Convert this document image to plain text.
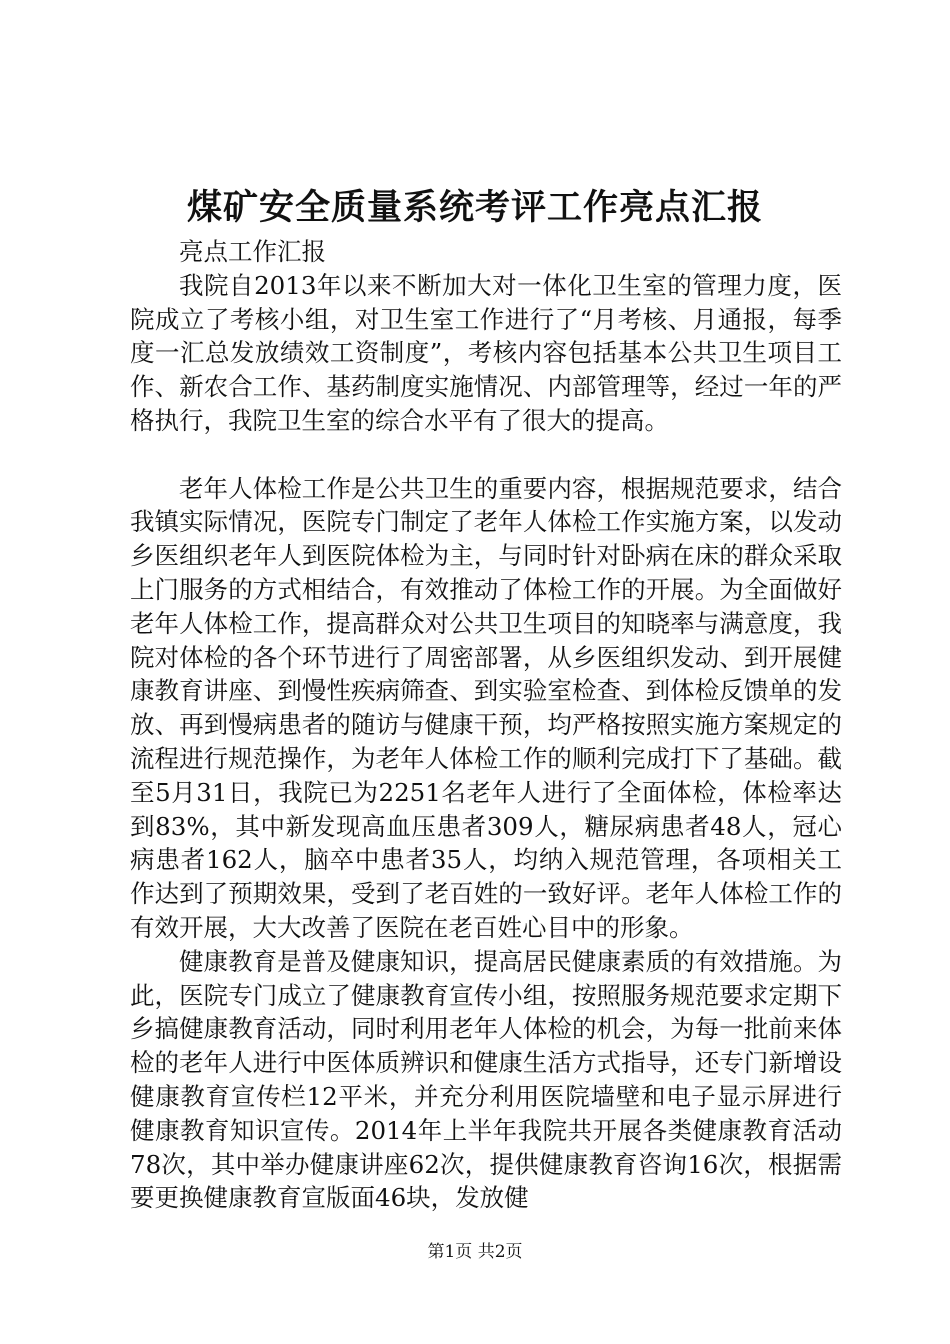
煤矿安全质量系统考评工作亮点汇报

亮点工作汇报

我院自2013年以来不断加大对一体化卫生室的管理力度，医院成立了考核小组，对卫生室工作进行了“月考核、月通报，每季度一汇总发放绩效工资制度”，考核内容包括基本公共卫生项目工作、新农合工作、基药制度实施情况、内部管理等，经过一年的严格执行，我院卫生室的综合水平有了很大的提高。

老年人体检工作是公共卫生的重要内容，根据规范要求，结合我镇实际情况，医院专门制定了老年人体检工作实施方案，以发动乡医组织老年人到医院体检为主，与同时针对卧病在床的群众采取上门服务的方式相结合，有效推动了体检工作的开展。为全面做好老年人体检工作，提高群众对公共卫生项目的知晓率与满意度，我院对体检的各个环节进行了周密部署，从乡医组织发动、到开展健康教育讲座、到慢性疾病筛查、到实验室检查、到体检反馈单的发放、再到慢病患者的随访与健康干预，均严格按照实施方案规定的流程进行规范操作，为老年人体检工作的顺利完成打下了基础。截至5月31日，我院已为2251名老年人进行了全面体检，体检率达到83%，其中新发现高血压患者309人，糖尿病患者48人，冠心病患者162人，脑卒中患者35人，均纳入规范管理，各项相关工作达到了预期效果，受到了老百姓的一致好评。老年人体检工作的有效开展，大大改善了医院在老百姓心目中的形象。

健康教育是普及健康知识，提高居民健康素质的有效措施。为此，医院专门成立了健康教育宣传小组，按照服务规范要求定期下乡搞健康教育活动，同时利用老年人体检的机会，为每一批前来体检的老年人进行中医体质辨识和健康生活方式指导，还专门新增设健康教育宣传栏12平米，并充分利用医院墙壁和电子显示屏进行健康教育知识宣传。2014年上半年我院共开展各类健康教育活动78次，其中举办健康讲座62次，提供健康教育咨询16次，根据需要更换健康教育宣版面46块，发放健

第1页 共2页
